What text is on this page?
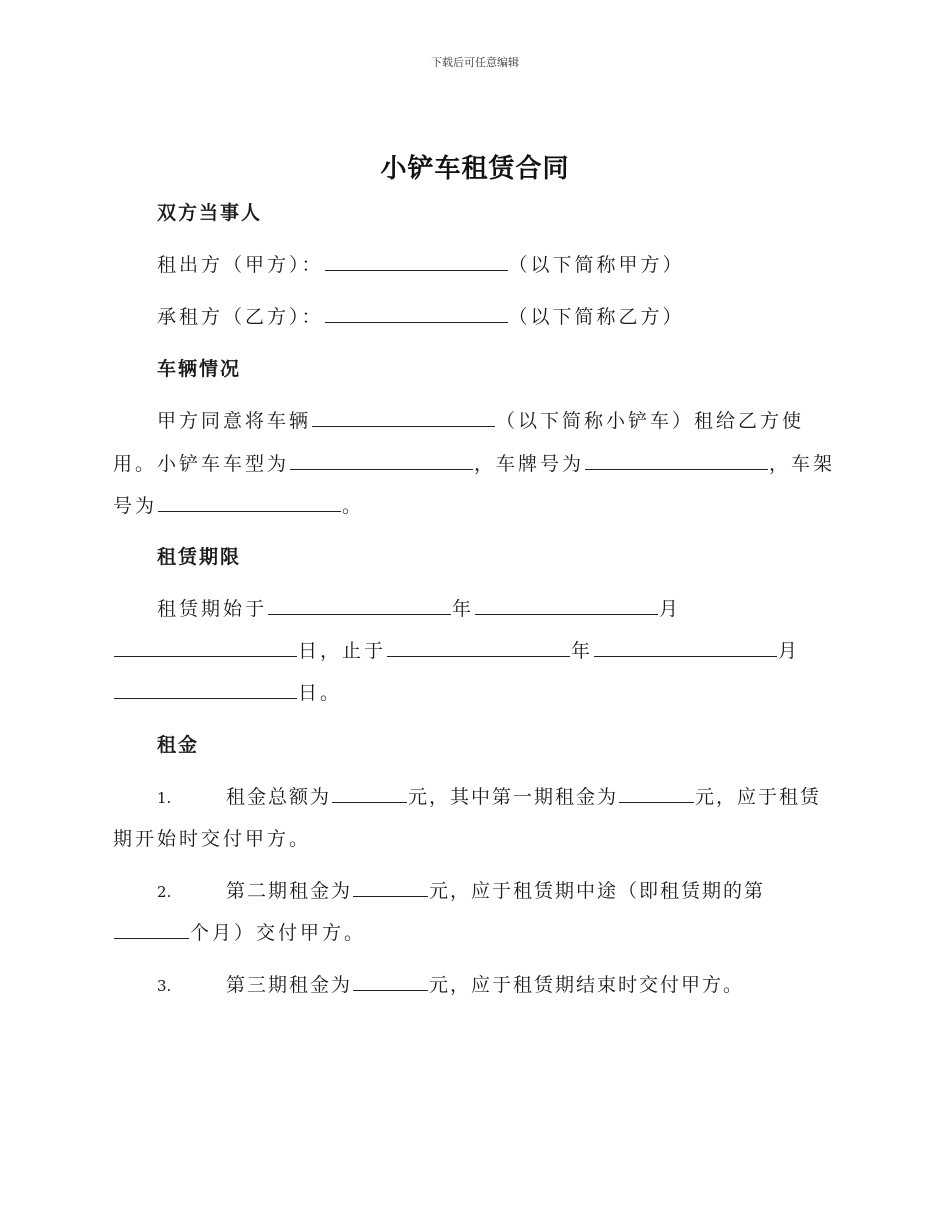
下载后可任意编辑
小铲车租赁合同
双方当事人
租出方（甲方）：	（以下简称甲方）
承租方（乙方）：	（以下简称乙方）
车辆情况
甲方同意将车辆	（以下简称小铲车）租给乙方使
用。小铲车车型为	，车牌号为	，车架
号为	。
租赁期限
租赁期始于	年	月
日，止于	年	月
日。
租金
1.	租金总额为	元，其中第一期租金为	元，应于租赁
期开始时交付甲方。
2.	第二期租金为	元，应于租赁期中途（即租赁期的第
个月）交付甲方。
3.	第三期租金为	元，应于租赁期结束时交付甲方。
